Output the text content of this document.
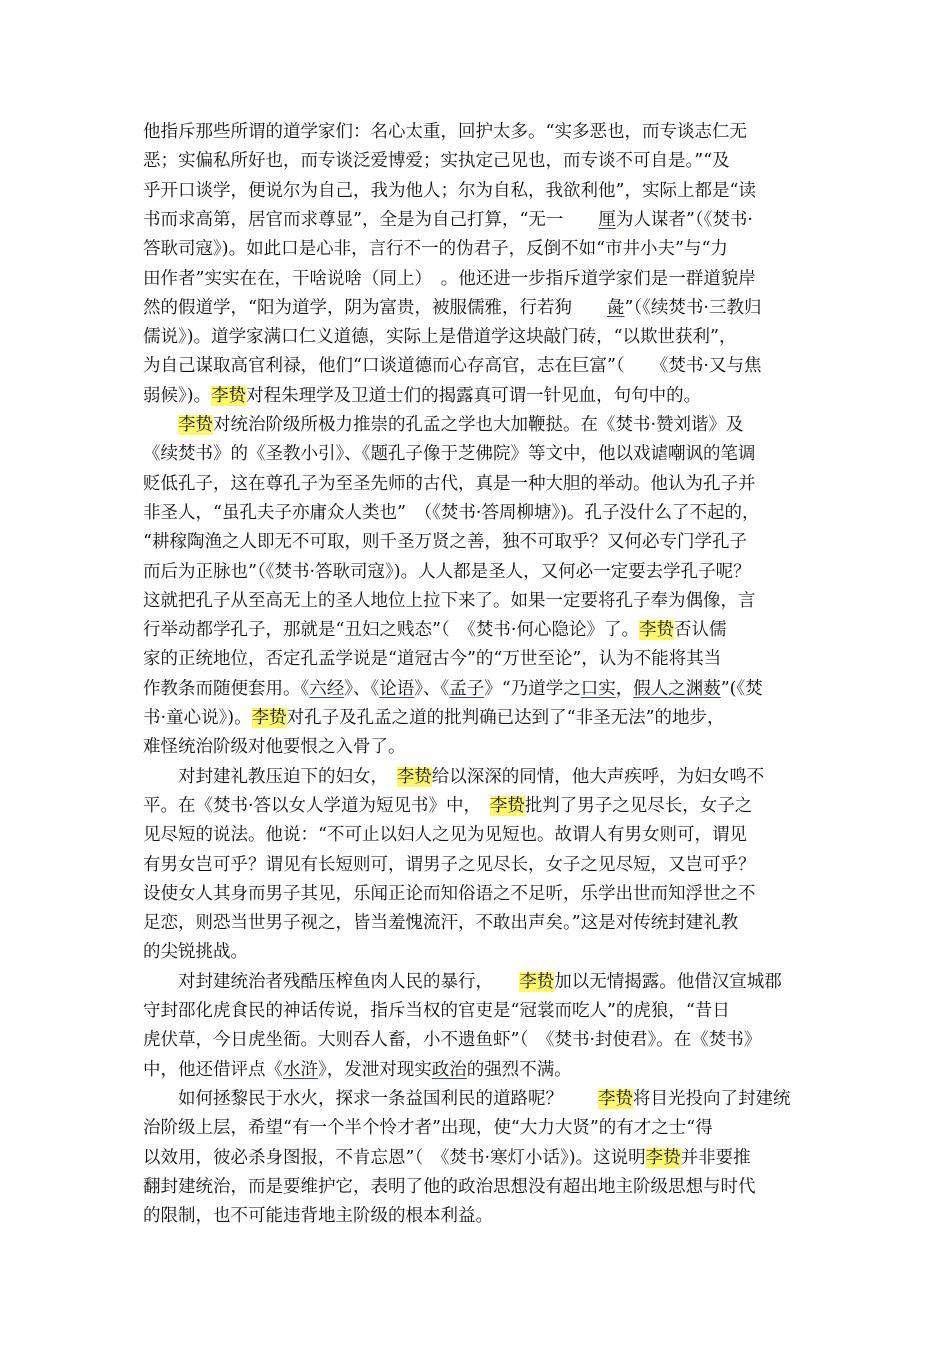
他指斥那些所谓的道学家们：名心太重，回护太多。“实多恶也，而专谈志仁无
恶；实偏私所好也，而专谈泛爱博爱；实执定己见也，而专谈不可自是。”“及
乎开口谈学，便说尔为自己，我为他人；尔为自私，我欲利他”，实际上都是“读
书而求高第，居官而求尊显”，全是为自己打算，“无一　　厘为人谋者”（《焚书·
答耿司寇》)。如此口是心非，言行不一的伪君子，反倒不如“市井小夫”与“力
田作者”实实在在，干啥说啥（同上）　。他还进一步指斥道学家们是一群道貌岸
然的假道学，“阳为道学，阴为富贵，被服儒雅，行若狗　　彘”（《续焚书·三教归
儒说》)。道学家满口仁义道德，实际上是借道学这块敲门砖，“以欺世获利”，
为自己谋取高官利禄，他们“口谈道德而心存高官，志在巨富”（　　《焚书·又与焦
弱候》)。李贽对程朱理学及卫道士们的揭露真可谓一针见血，句句中的。
　　李贽对统治阶级所极力推崇的孔孟之学也大加鞭挞。在《焚书·赞刘谐》及
《续焚书》的《圣教小引》、《题孔子像于芝佛院》等文中，他以戏谑嘲讽的笔调
贬低孔子，这在尊孔子为至圣先师的古代，真是一种大胆的举动。他认为孔子并
非圣人，“虽孔夫子亦庸众人类也”　（《焚书·答周柳塘》)。孔子没什么了不起的，
“耕稼陶渔之人即无不可取，则千圣万贤之善，独不可取乎？又何必专门学孔子
而后为正脉也”（《焚书·答耿司寇》)。人人都是圣人，又何必一定要去学孔子呢？
这就把孔子从至高无上的圣人地位上拉下来了。如果一定要将孔子奉为偶像，言
行举动都学孔子，那就是“丑妇之贱态”（　《焚书·何心隐论》了。李贽否认儒
家的正统地位，否定孔孟学说是“道冠古今”的“万世至论”，认为不能将其当
作教条而随便套用。《六经》、《论语》、《孟子》“乃道学之口实，假人之渊薮”(《焚
书·童心说》)。李贽对孔子及孔孟之道的批判确已达到了“非圣无法”的地步，
难怪统治阶级对他要恨之入骨了。
　　对封建礼教压迫下的妇女，　李贽给以深深的同情，他大声疾呼，为妇女鸣不
平。在《焚书·答以女人学道为短见书》中，　李贽批判了男子之见尽长，女子之
见尽短的说法。他说：“不可止以妇人之见为见短也。故谓人有男女则可，谓见
有男女岂可乎？谓见有长短则可，谓男子之见尽长，女子之见尽短，又岂可乎？
设使女人其身而男子其见，乐闻正论而知俗语之不足听，乐学出世而知浮世之不
足恋，则恐当世男子视之，皆当羞愧流汗，不敢出声矣。”这是对传统封建礼教
的尖锐挑战。
　　对封建统治者残酷压榨鱼肉人民的暴行，　　李贽加以无情揭露。他借汉宣城郡
守封邵化虎食民的神话传说，指斥当权的官吏是“冠裳而吃人”的虎狼，“昔日
虎伏草，今日虎坐衙。大则吞人畜，小不遗鱼虾”（　《焚书·封使君》。在《焚书》
中，他还借评点《水浒》，发泄对现实政治的强烈不满。
　　如何拯黎民于水火，探求一条益国利民的道路呢？　　李贽将目光投向了封建统
治阶级上层，希望“有一个半个怜才者”出现，使“大力大贤”的有才之士“得
以效用，彼必杀身图报，不肯忘恩”（　《焚书·寒灯小话》)。这说明李贽并非要推
翻封建统治，而是要维护它，表明了他的政治思想没有超出地主阶级思想与时代
的限制，也不可能违背地主阶级的根本利益。
